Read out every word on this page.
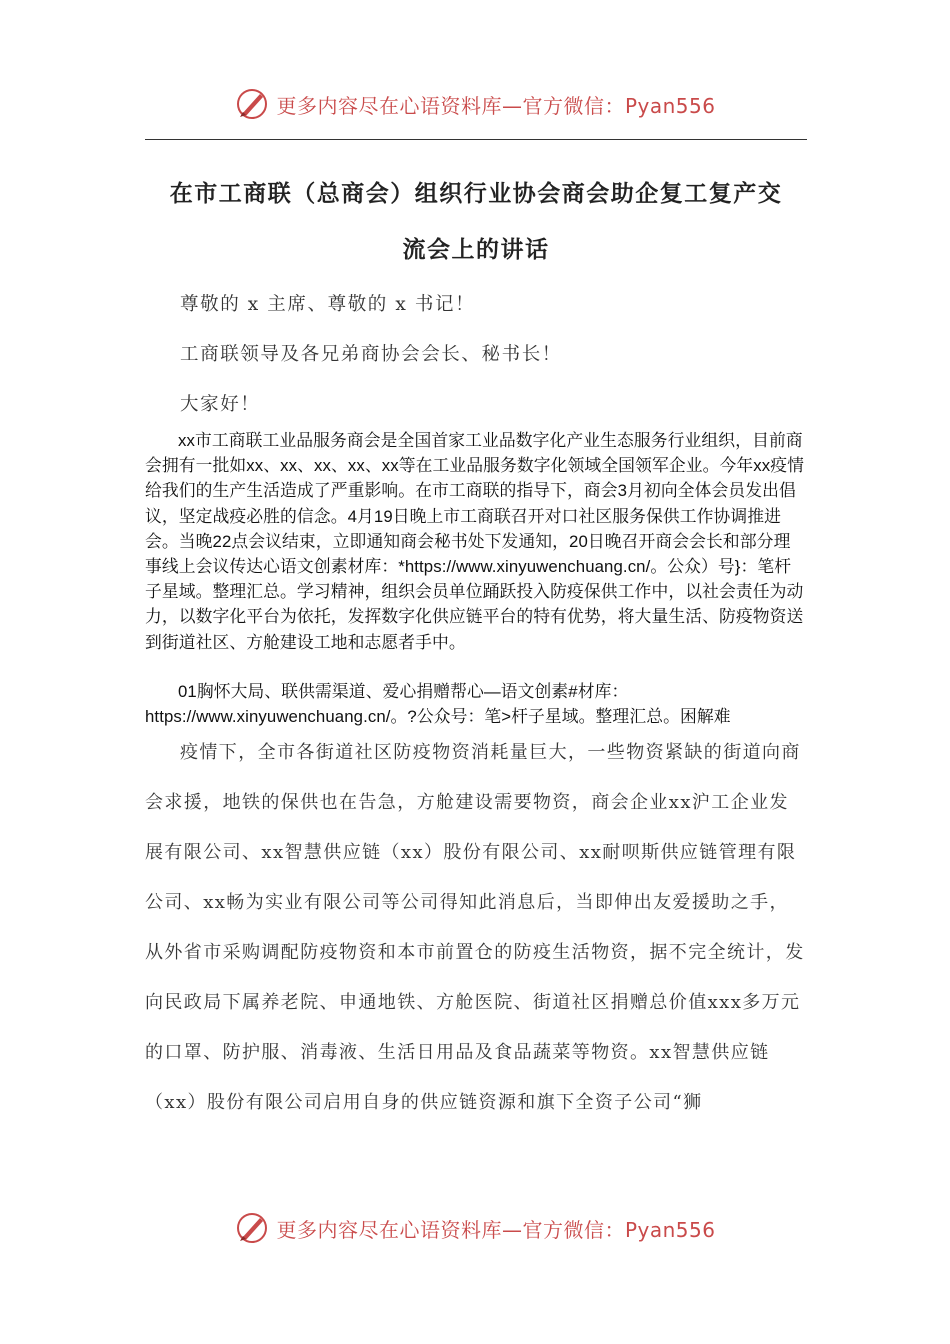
更多内容尽在心语资料库—官方微信：Pyan556
在市工商联（总商会）组织行业协会商会助企复工复产交
流会上的讲话

尊敬的 x 主席、尊敬的 x 书记！

工商联领导及各兄弟商协会会长、秘书长！

大家好！

xx市工商联工业品服务商会是全国首家工业品数字化产业生态服务行业组织，目前商会拥有一批如xx、xx、xx、xx、xx等在工业品服务数字化领域全国领军企业。今年xx疫情给我们的生产生活造成了严重影响。在市工商联的指导下，商会3月初向全体会员发出倡议，坚定战疫必胜的信念。4月19日晚上市工商联召开对口社区服务保供工作协调推进会。当晚22点会议结束，立即通知商会秘书处下发通知，20日晚召开商会会长和部分理事线上会议传达心语文创素材库：*https://www.xinyuwenchuang.cn/。公众）号}：笔杆子星域。整理汇总。学习精神，组织会员单位踊跃投入防疫保供工作中，以社会责任为动力，以数字化平台为依托，发挥数字化供应链平台的特有优势，将大量生活、防疫物资送到街道社区、方舱建设工地和志愿者手中。

01胸怀大局、联供需渠道、爱心捐赠帮心—语文创素#材库：https://www.xinyuwenchuang.cn/。?公众号：笔>杆子星域。整理汇总。困解难

疫情下，全市各街道社区防疫物资消耗量巨大，一些物资紧缺的街道向商会求援，地铁的保供也在告急，方舱建设需要物资，商会企业xx沪工企业发展有限公司、xx智慧供应链（xx）股份有限公司、xx耐呗斯供应链管理有限公司、xx畅为实业有限公司等公司得知此消息后，当即伸出友爱援助之手，从外省市采购调配防疫物资和本市前置仓的防疫生活物资，据不完全统计，发向民政局下属养老院、申通地铁、方舱医院、街道社区捐赠总价值xxx多万元的口罩、防护服、消毒液、生活日用品及食品蔬菜等物资。xx智慧供应链（xx）股份有限公司启用自身的供应链资源和旗下全资子公司“狮

更多内容尽在心语资料库—官方微信：Pyan556
